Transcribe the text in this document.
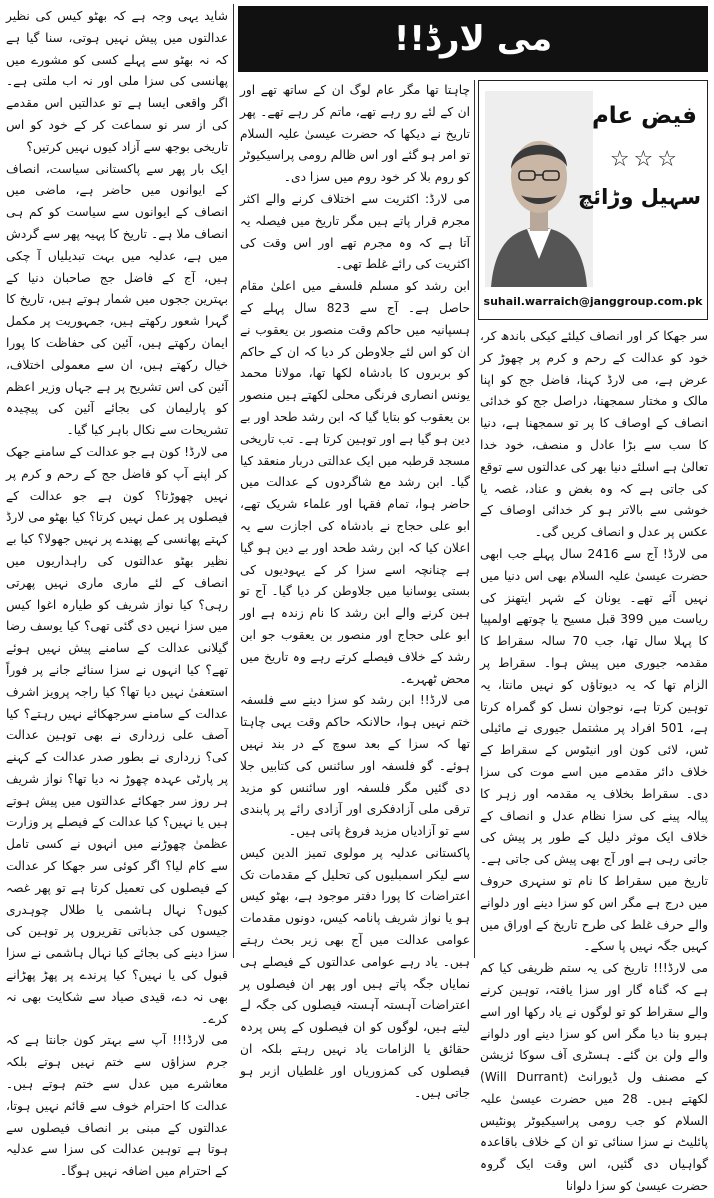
شاید یہی وجہ ہے کہ بھٹو کیس کی نظیر عدالتوں میں پیش نہیں ہوتی، سنا گیا ہے کہ نہ بھٹو سے پہلے کسی کو مشورے میں پھانسی کی سزا ملی اور نہ اب ملتی ہے۔ اگر واقعی ایسا ہے تو عدالتیں اس مقدمے کی از سر نو سماعت کر کے خود کو اس تاریخی بوجھ سے آزاد کیوں نہیں کرتیں؟

ایک بار پھر سے پاکستانی سیاست، انصاف کے ایوانوں میں حاضر ہے، ماضی میں انصاف کے ایوانوں سے سیاست کو کم ہی انصاف ملا ہے۔ تاریخ کا پہیہ پھر سے گردش میں ہے، عدلیہ میں بہت تبدیلیاں آ چکی ہیں، آج کے فاضل جج صاحبان دنیا کے بہترین ججوں میں شمار ہوتے ہیں، تاریخ کا گہرا شعور رکھتے ہیں، جمہوریت پر مکمل ایمان رکھتے ہیں، آئین کی حفاظت کا پورا خیال رکھتے ہیں، ان سے معمولی اختلاف، آئین کی اس تشریح پر ہے جہاں وزیر اعظم کو پارلیمان کی بجائے آئین کی پیچیدہ تشریحات سے نکال باہر کیا گیا۔

می لارڈ! کون ہے جو عدالت کے سامنے جھک کر اپنے آپ کو فاضل جج کے رحم و کرم پر نہیں چھوڑتا؟ کون ہے جو عدالت کے فیصلوں پر عمل نہیں کرتا؟ کیا بھٹو می لارڈ کہتے پھانسی کے پھندے پر نہیں جھولا؟ کیا بے نظیر بھٹو عدالتوں کی راہداریوں میں انصاف کے لئے ماری ماری نہیں پھرتی رہی؟ کیا نواز شریف کو طیارہ اغوا کیس میں سزا نہیں دی گئی تھی؟ کیا یوسف رضا گیلانی عدالت کے سامنے پیش نہیں ہوئے تھے؟ کیا انہوں نے سزا سنائے جانے پر فوراً استعفیٰ نہیں دیا تھا؟ کیا راجہ پرویز اشرف عدالت کے سامنے سرجھکائے نہیں رہتے؟ کیا آصف علی زرداری نے بھی توہین عدالت کی؟ زرداری نے بطور صدر عدالت کے کہنے پر پارٹی عہدہ چھوڑ نہ دیا تھا؟ نواز شریف ہر روز سر جھکائے عدالتوں میں پیش ہوتے ہیں یا نہیں؟ کیا عدالت کے فیصلے پر وزارت عظمیٰ چھوڑنے میں انہوں نے کسی تامل سے کام لیا؟ اگر کوئی سر جھکا کر عدالت کے فیصلوں کی تعمیل کرتا ہے تو پھر غصہ کیوں؟ نہال ہاشمی یا طلال چوہدری جیسوں کی جذباتی تقریروں پر توہین کی سزا دینے کی بجائے کیا نہال ہاشمی نے سزا قبول کی یا نہیں؟ کیا پرندے پر پھڑ پھڑانے بھی نہ دے، قیدی صیاد سے شکایت بھی نہ کرے۔

می لارڈ!!! آپ سے بہتر کون جانتا ہے کہ جرم سزاؤں سے ختم نہیں ہوتے بلکہ معاشرے میں عدل سے ختم ہوتے ہیں۔ عدالت کا احترام خوف سے قائم نہیں ہوتا، عدالتوں کے مبنی بر انصاف فیصلوں سے ہوتا ہے توہین عدالت کی سزا سے عدلیہ کے احترام میں اضافہ نہیں ہوگا۔

می لارڈ!!

چاہتا تھا مگر عام لوگ ان کے ساتھ تھے اور ان کے لئے رو رہے تھے، ماتم کر رہے تھے۔ پھر تاریخ نے دیکھا کہ حضرت عیسیٰ علیہ السلام تو امر ہو گئے اور اس ظالم رومی پراسیکیوٹر کو روم بلا کر خود روم میں سزا دی۔

می لارڈ: اکثریت سے اختلاف کرنے والے اکثر مجرم قرار پاتے ہیں مگر تاریخ میں فیصلہ یہ آتا ہے کہ وہ مجرم تھے اور اس وقت کی اکثریت کی رائے غلط تھی۔

ابن رشد کو مسلم فلسفے میں اعلیٰ مقام حاصل ہے۔ آج سے 823 سال پہلے کے ہسپانیہ میں حاکم وقت منصور بن یعقوب نے ان کو اس لئے جلاوطن کر دیا کہ ان کے حاکم کو بربروں کا بادشاہ لکھا تھا، مولانا محمد یونس انصاری فرنگی محلی لکھتے ہیں منصور بن یعقوب کو بتایا گیا کہ ابن رشد طحد اور بے دین ہو گیا ہے اور توہین کرتا ہے۔ تب تاریخی مسجد قرطبہ میں ایک عدالتی دربار منعقد کیا گیا۔ ابن رشد مع شاگردوں کے عدالت میں حاضر ہوا، تمام فقہا اور علماء شریک تھے، ابو علی حجاج نے بادشاہ کی اجازت سے یہ اعلان کیا کہ ابن رشد طحد اور بے دین ہو گیا ہے چنانچہ اسے سزا کر کے یہودیوں کی بستی یوسانیا میں جلاوطن کر دیا گیا۔ آج تو ہین کرنے والے ابن رشد کا نام زندہ ہے اور ابو علی حجاج اور منصور بن یعقوب جو ابن رشد کے خلاف فیصلے کرتے رہے وہ تاریخ میں محض ٹھہرے۔

می لارڈ!! ابن رشد کو سزا دینے سے فلسفہ ختم نہیں ہوا، حالانکہ حاکم وقت یہی چاہتا تھا کہ سزا کے بعد سوچ کے در بند نہیں ہوئے۔ گو فلسفہ اور سائنس کی کتابیں جلا دی گئیں مگر فلسفہ اور سائنس کو مزید ترقی ملی آزادفکری اور آزادی رائے پر پابندی سے تو آزادیاں مزید فروغ پاتی ہیں۔

پاکستانی عدلیہ پر مولوی تمیز الدین کیس سے لیکر اسمبلیوں کی تحلیل کے مقدمات تک اعتراضات کا پورا دفتر موجود ہے، بھٹو کیس ہو یا نواز شریف پانامہ کیس، دونوں مقدمات عوامی عدالت میں آج بھی زیر بحث رہتے ہیں۔ یاد رہے عوامی عدالتوں کے فیصلے ہی نمایاں جگہ پاتے ہیں اور پھر ان فیصلوں پر اعتراضات آہستہ آہستہ فیصلوں کی جگہ لے لیتے ہیں، لوگوں کو ان فیصلوں کے پس پردہ حقائق یا الزامات یاد نہیں رہتے بلکہ ان فیصلوں کی کمزوریاں اور غلطیاں ازبر ہو جاتی ہیں۔

فیض عام
☆☆☆
سہیل وڑائچ
suhail.warraich@janggroup.com.pk

سر جھکا کر اور انصاف کیلئے کیکی باندھ کر، خود کو عدالت کے رحم و کرم پر چھوڑ کر عرض ہے، می لارڈ کہنا، فاضل جج کو اپنا مالک و مختار سمجھنا، دراصل جج کو خدائی انصاف کے اوصاف کا پر تو سمجھنا ہے، دنیا کا سب سے بڑا عادل و منصف، خود خدا تعالیٰ ہے اسلئے دنیا بھر کی عدالتوں سے توقع کی جاتی ہے کہ وہ بغض و عناد، غصہ یا خوشی سے بالاتر ہو کر خدائی اوصاف کے عکس پر عدل و انصاف کریں گی۔

می لارڈ! آج سے 2416 سال پہلے جب ابھی حضرت عیسیٰ علیہ السلام بھی اس دنیا میں نہیں آئے تھے۔ یونان کے شہر ایتھنز کی ریاست میں 399 قبل مسیح یا چوتھے اولمپیا کا پہلا سال تھا، جب 70 سالہ سقراط کا مقدمہ جیوری میں پیش ہوا۔ سقراط پر الزام تھا کہ یہ دیوتاؤں کو نہیں مانتا، یہ توہین کرتا ہے، نوجوان نسل کو گمراہ کرتا ہے، 501 افراد پر مشتمل جیوری نے مائیلی ٹس، لائی کون اور انیٹوس کے سقراط کے خلاف دائر مقدمے میں اسے موت کی سزا دی۔ سقراط بخلاف یہ مقدمہ اور زہر کا پیالہ پینے کی سزا نظام عدل و انصاف کے خلاف ایک موثر دلیل کے طور پر پیش کی جاتی رہی ہے اور آج بھی پیش کی جاتی ہے۔ تاریخ میں سقراط کا نام تو سنہری حروف میں درج ہے مگر اس کو سزا دینے اور دلوانے والے حرف غلط کی طرح تاریخ کے اوراق میں کہیں جگہ نہیں پا سکے۔

می لارڈ!!! تاریخ کی یہ ستم ظریفی کیا کم ہے کہ گناہ گار اور سزا یافتہ، توہین کرنے والے سقراط کو تو لوگوں نے یاد رکھا اور اسے ہیرو بنا دیا مگر اس کو سزا دینے اور دلوانے والے ولن بن گئے۔ ہسٹری آف سوکا ئزیشن کے مصنف ول ڈیورانٹ (Will Durrant) لکھتے ہیں۔ 28 میں حضرت عیسیٰ علیہ السلام کو جب رومی پراسیکیوٹر پونٹیس پائلیٹ نے سزا سنائی تو ان کے خلاف باقاعدہ گواہیاں دی گئیں، اس وقت ایک گروہ حضرت عیسیٰ کو سزا دلوانا
